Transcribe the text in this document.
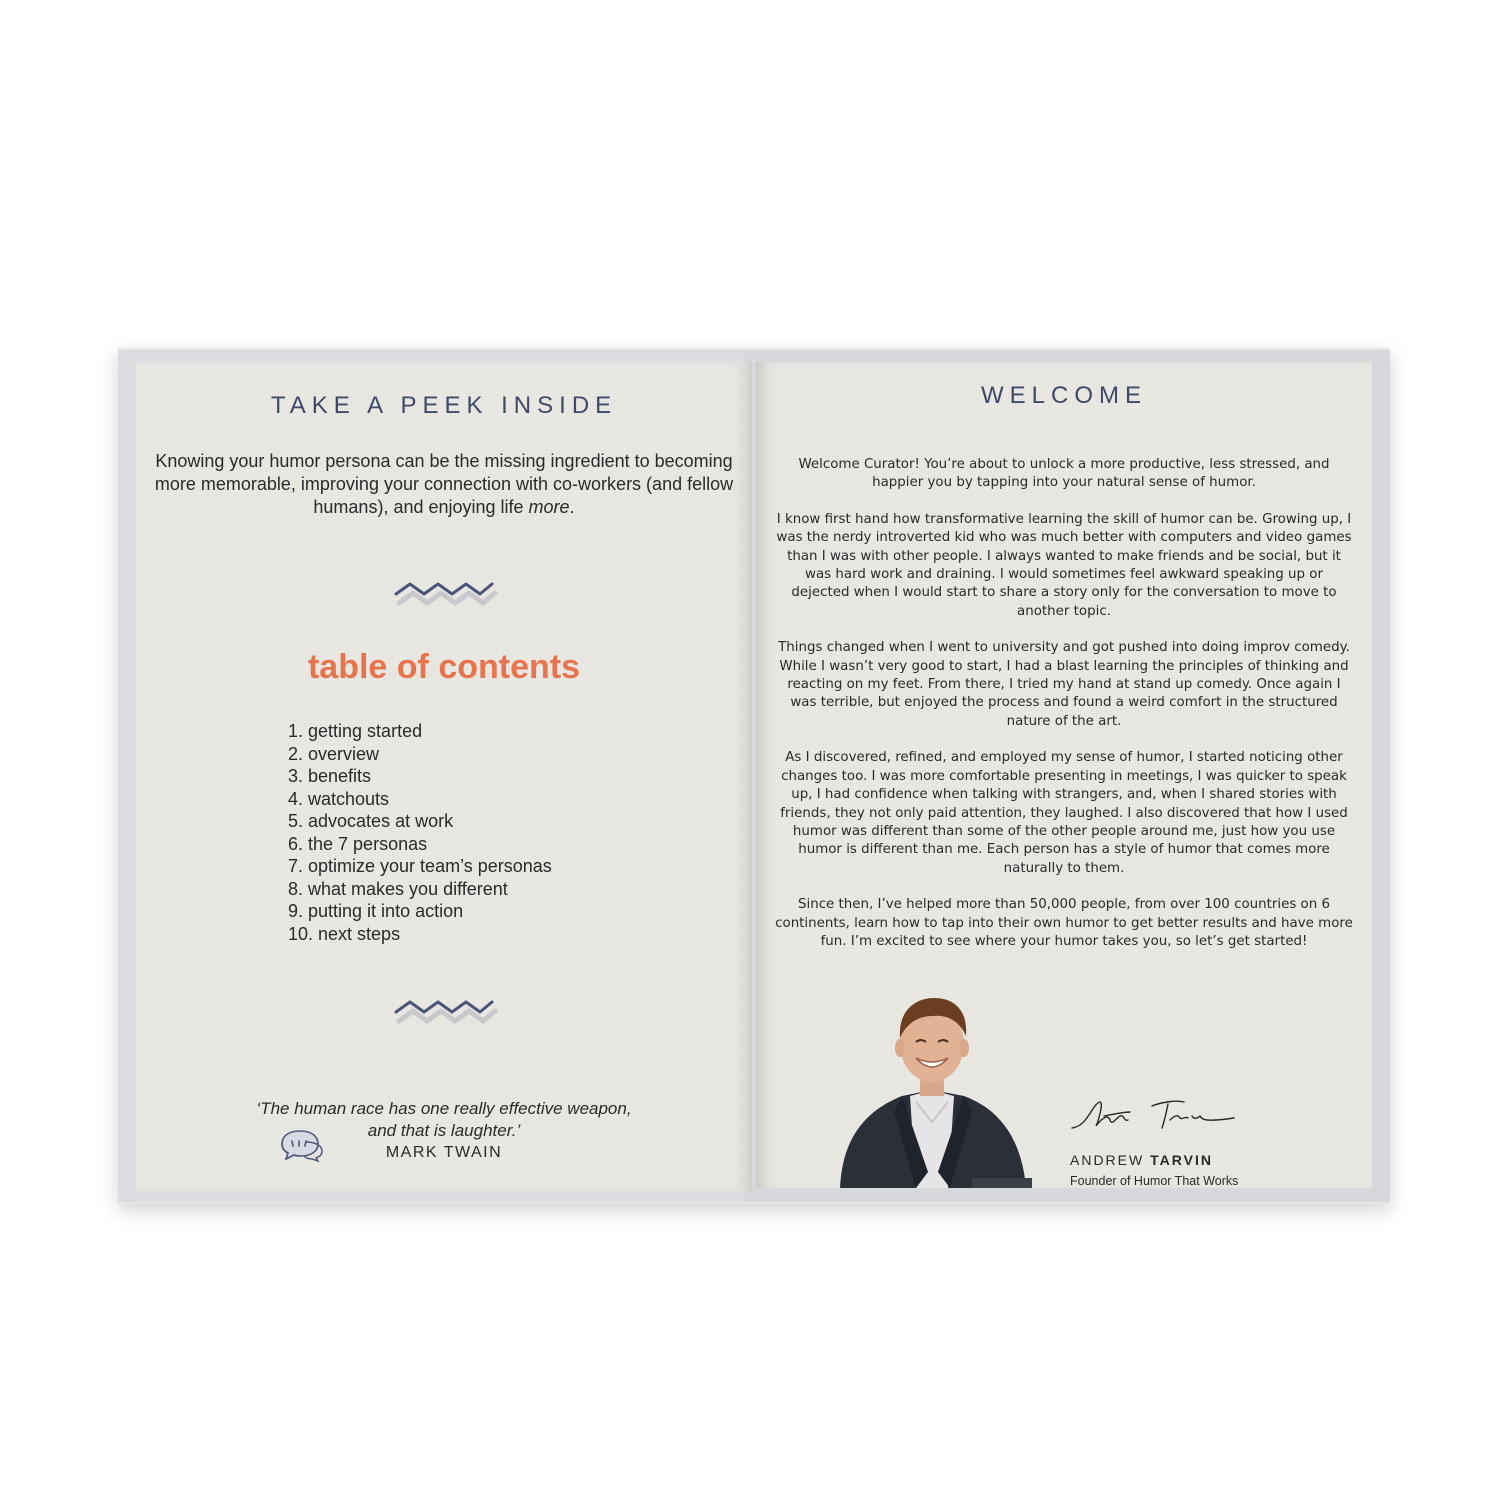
TAKE A PEEK INSIDE
Knowing your humor persona can be the missing ingredient to becoming more memorable, improving your connection with co-workers (and fellow humans), and enjoying life more.
table of contents
1. getting started
2. overview
3. benefits
4. watchouts
5. advocates at work
6. the 7 personas
7. optimize your team’s personas
8. what makes you different
9. putting it into action
10. next steps
‘The human race has one really effective weapon,
and that is laughter.’
MARK TWAIN
WELCOME

Welcome Curator! You’re about to unlock a more productive, less stressed, and happier you by tapping into your natural sense of humor.

I know first hand how transformative learning the skill of humor can be. Growing up, I was the nerdy introverted kid who was much better with computers and video games than I was with other people. I always wanted to make friends and be social, but it was hard work and draining. I would sometimes feel awkward speaking up or dejected when I would start to share a story only for the conversation to move to another topic.

Things changed when I went to university and got pushed into doing improv comedy. While I wasn’t very good to start, I had a blast learning the principles of thinking and reacting on my feet. From there, I tried my hand at stand up comedy. Once again I was terrible, but enjoyed the process and found a weird comfort in the structured nature of the art.

As I discovered, refined, and employed my sense of humor, I started noticing other changes too. I was more comfortable presenting in meetings, I was quicker to speak up, I had confidence when talking with strangers, and, when I shared stories with friends, they not only paid attention, they laughed. I also discovered that how I used humor was different than some of the other people around me, just how you use humor is different than me. Each person has a style of humor that comes more naturally to them.

Since then, I’ve helped more than 50,000 people, from over 100 countries on 6 continents, learn how to tap into their own humor to get better results and have more fun. I’m excited to see where your humor takes you, so let’s get started!

ANDREW TARVIN
Founder of Humor That Works
